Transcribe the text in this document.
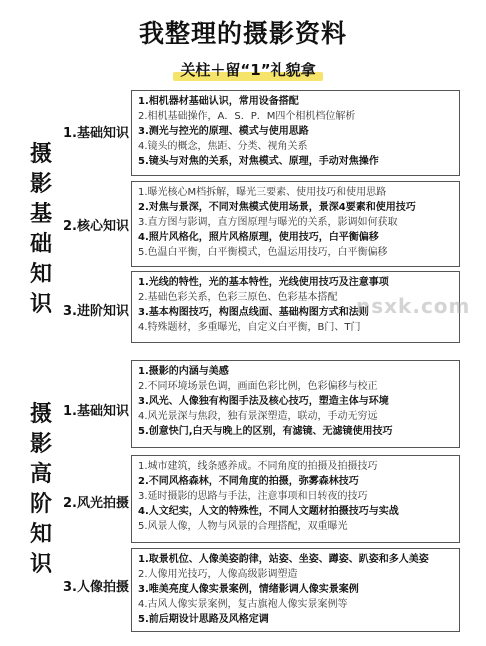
我整理的摄影资料
关柱＋留“1”礼貌拿
摄
影
基
础
知
识
1.基础知识
1.相机器材基础认识，常用设备搭配
2.相机基础操作，A．S．P．M四个相机档位解析
3.测光与控光的原理、模式与使用思路
4.镜头的概念，焦距、分类、视角关系
5.镜头与对焦的关系，对焦模式、原理，手动对焦操作
2.核心知识
1.曝光核心M档拆解，曝光三要素、使用技巧和使用思路
2.对焦与景深，不同对焦模式使用场景，景深4要素和使用技巧
3.直方图与影调，直方图原理与曝光的关系，影调如何获取
4.照片风格化，照片风格原理，使用技巧，白平衡偏移
5.色温白平衡，白平衡模式，色温运用技巧，白平衡偏移
3.进阶知识
1.光线的特性，光的基本特性，光线使用技巧及注意事项
2.基础色彩关系，色彩三原色、色彩基本搭配
3.基本构图技巧，构图点线面、基础构图方式和法则
4.特殊题材，多重曝光，自定义白平衡，B门、T门
摄
影
高
阶
知
识
1.基础知识
1.摄影的内涵与美感
2.不同环境场景色调，画面色彩比例，色彩偏移与校正
3.风光、人像独有构图手法及核心技巧，塑造主体与环境
4.风光景深与焦段，独有景深塑造，联动，手动无穷远
5.创意快门,白天与晚上的区别，有滤镜、无滤镜使用技巧
2.风光拍摄
1.城市建筑，线条感养成。不同角度的拍摄及拍摄技巧
2.不同风格森林，不同角度的拍摄，弥雾森林技巧
3.延时摄影的思路与手法，注意事项和日转夜的技巧
4.人文纪实，人文的特殊性，不同人文题材拍摄技巧与实战
5.风景人像，人物与风景的合理搭配，双重曝光
3.人像拍摄
1.取景机位、人像美姿韵律，站姿、坐姿、蹲姿、趴姿和多人美姿
2.人像用光技巧，人像高级影调塑造
3.唯美亮度人像实景案例，情绪影调人像实景案例
4.古风人像实景案例，复古旗袍人像实景案例等
5.前后期设计思路及风格定调
nsxk.com
